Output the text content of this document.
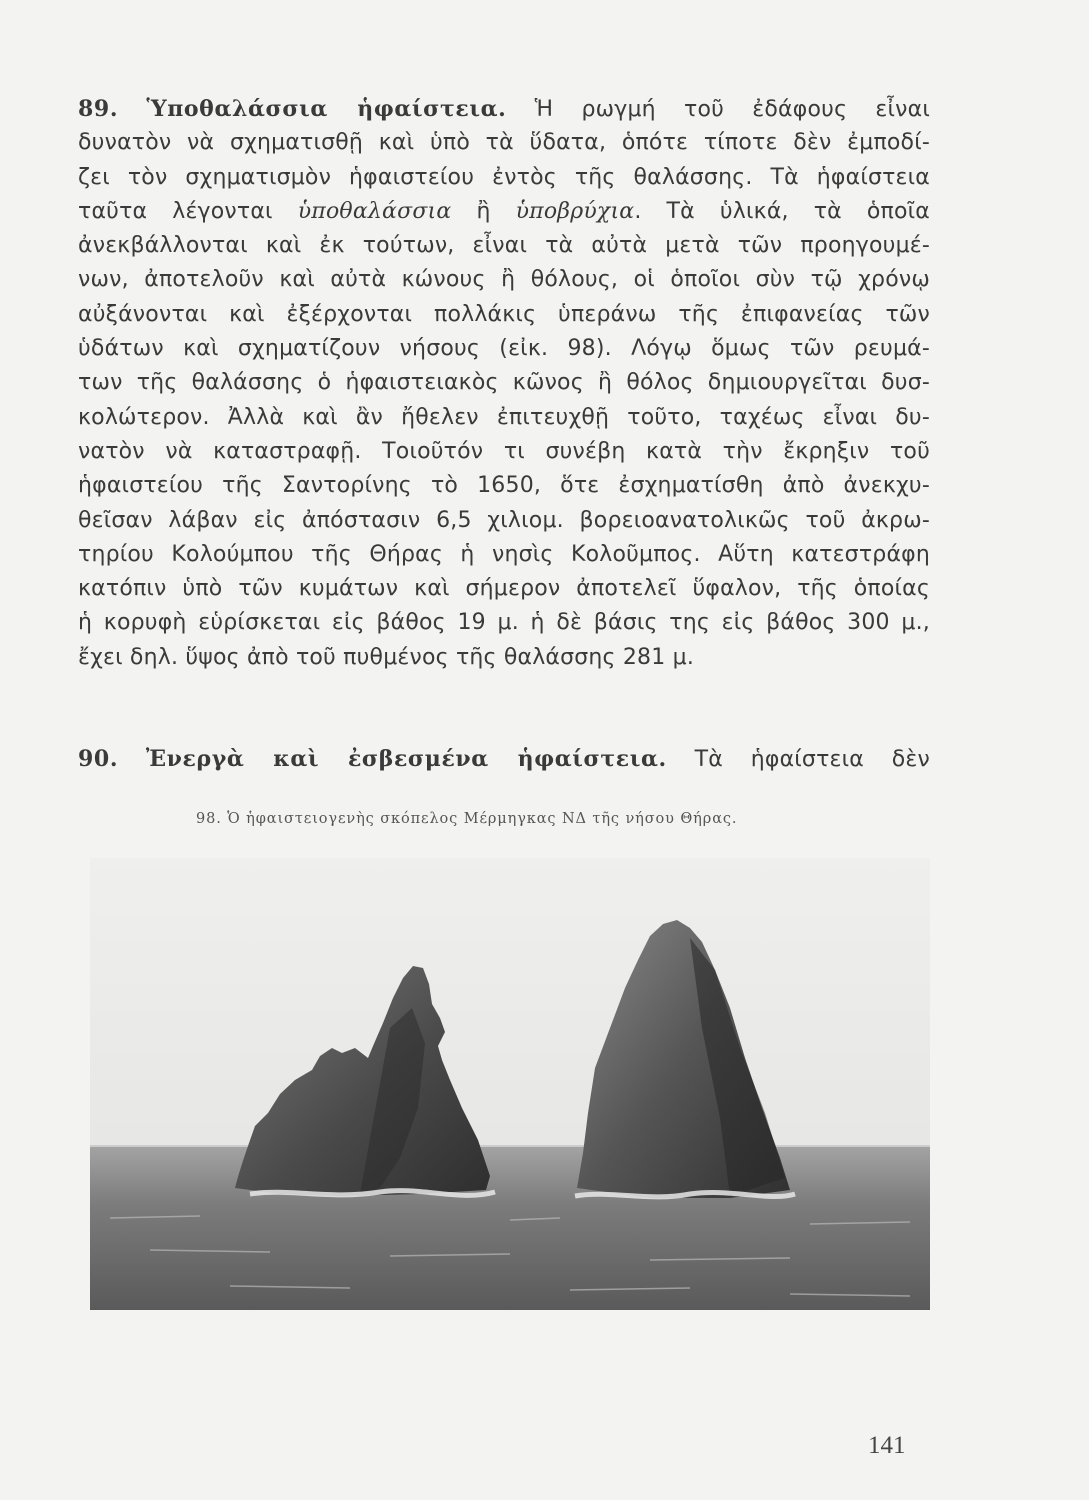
89. Ὑποθαλάσσια ἡφαίστεια. Ἡ ρωγμή τοῦ ἐδάφους εἶναι
δυνατὸν νὰ σχηματισθῇ καὶ ὑπὸ τὰ ὕδατα, ὁπότε τίποτε δὲν ἐμποδί-
ζει τὸν σχηματισμὸν ἡφαιστείου ἐντὸς τῆς θαλάσσης. Τὰ ἡφαίστεια
ταῦτα λέγονται ὑποθαλάσσια ἢ ὑποβρύχια. Τὰ ὑλικά, τὰ ὁποῖα
ἀνεκβάλλονται καὶ ἐκ τούτων, εἶναι τὰ αὐτὰ μετὰ τῶν προηγουμέ-
νων, ἀποτελοῦν καὶ αὐτὰ κώνους ἢ θόλους, οἱ ὁποῖοι σὺν τῷ χρόνῳ
αὐξάνονται καὶ ἐξέρχονται πολλάκις ὑπεράνω τῆς ἐπιφανείας τῶν
ὑδάτων καὶ σχηματίζουν νήσους (εἰκ. 98). Λόγῳ ὅμως τῶν ρευμά-
των τῆς θαλάσσης ὁ ἡφαιστειακὸς κῶνος ἢ θόλος δημιουργεῖται δυσ-
κολώτερον. Ἀλλὰ καὶ ἂν ἤθελεν ἐπιτευχθῇ τοῦτο, ταχέως εἶναι δυ-
νατὸν νὰ καταστραφῇ. Τοιοῦτόν τι συνέβη κατὰ τὴν ἔκρηξιν τοῦ
ἡφαιστείου τῆς Σαντορίνης τὸ 1650, ὅτε ἐσχηματίσθη ἀπὸ ἀνεκχυ-
θεῖσαν λάβαν εἰς ἀπόστασιν 6,5 χιλιομ. βορειοανατολικῶς τοῦ ἀκρω-
τηρίου Κολούμπου τῆς Θήρας ἡ νησὶς Κολοῦμπος. Αὕτη κατεστράφη
κατόπιν ὑπὸ τῶν κυμάτων καὶ σήμερον ἀποτελεῖ ὕφαλον, τῆς ὁποίας
ἡ κορυφὴ εὑρίσκεται εἰς βάθος 19 μ. ἡ δὲ βάσις της εἰς βάθος 300 μ.,
ἔχει δηλ. ὕψος ἀπὸ τοῦ πυθμένος τῆς θαλάσσης 281 μ.
90. Ἐνεργὰ καὶ ἐσβεσμένα ἡφαίστεια. Τὰ ἡφαίστεια δὲν
98. Ὁ ἡφαιστειογενὴς σκόπελος Μέρμηγκας ΝΔ τῆς νήσου Θήρας.
141
